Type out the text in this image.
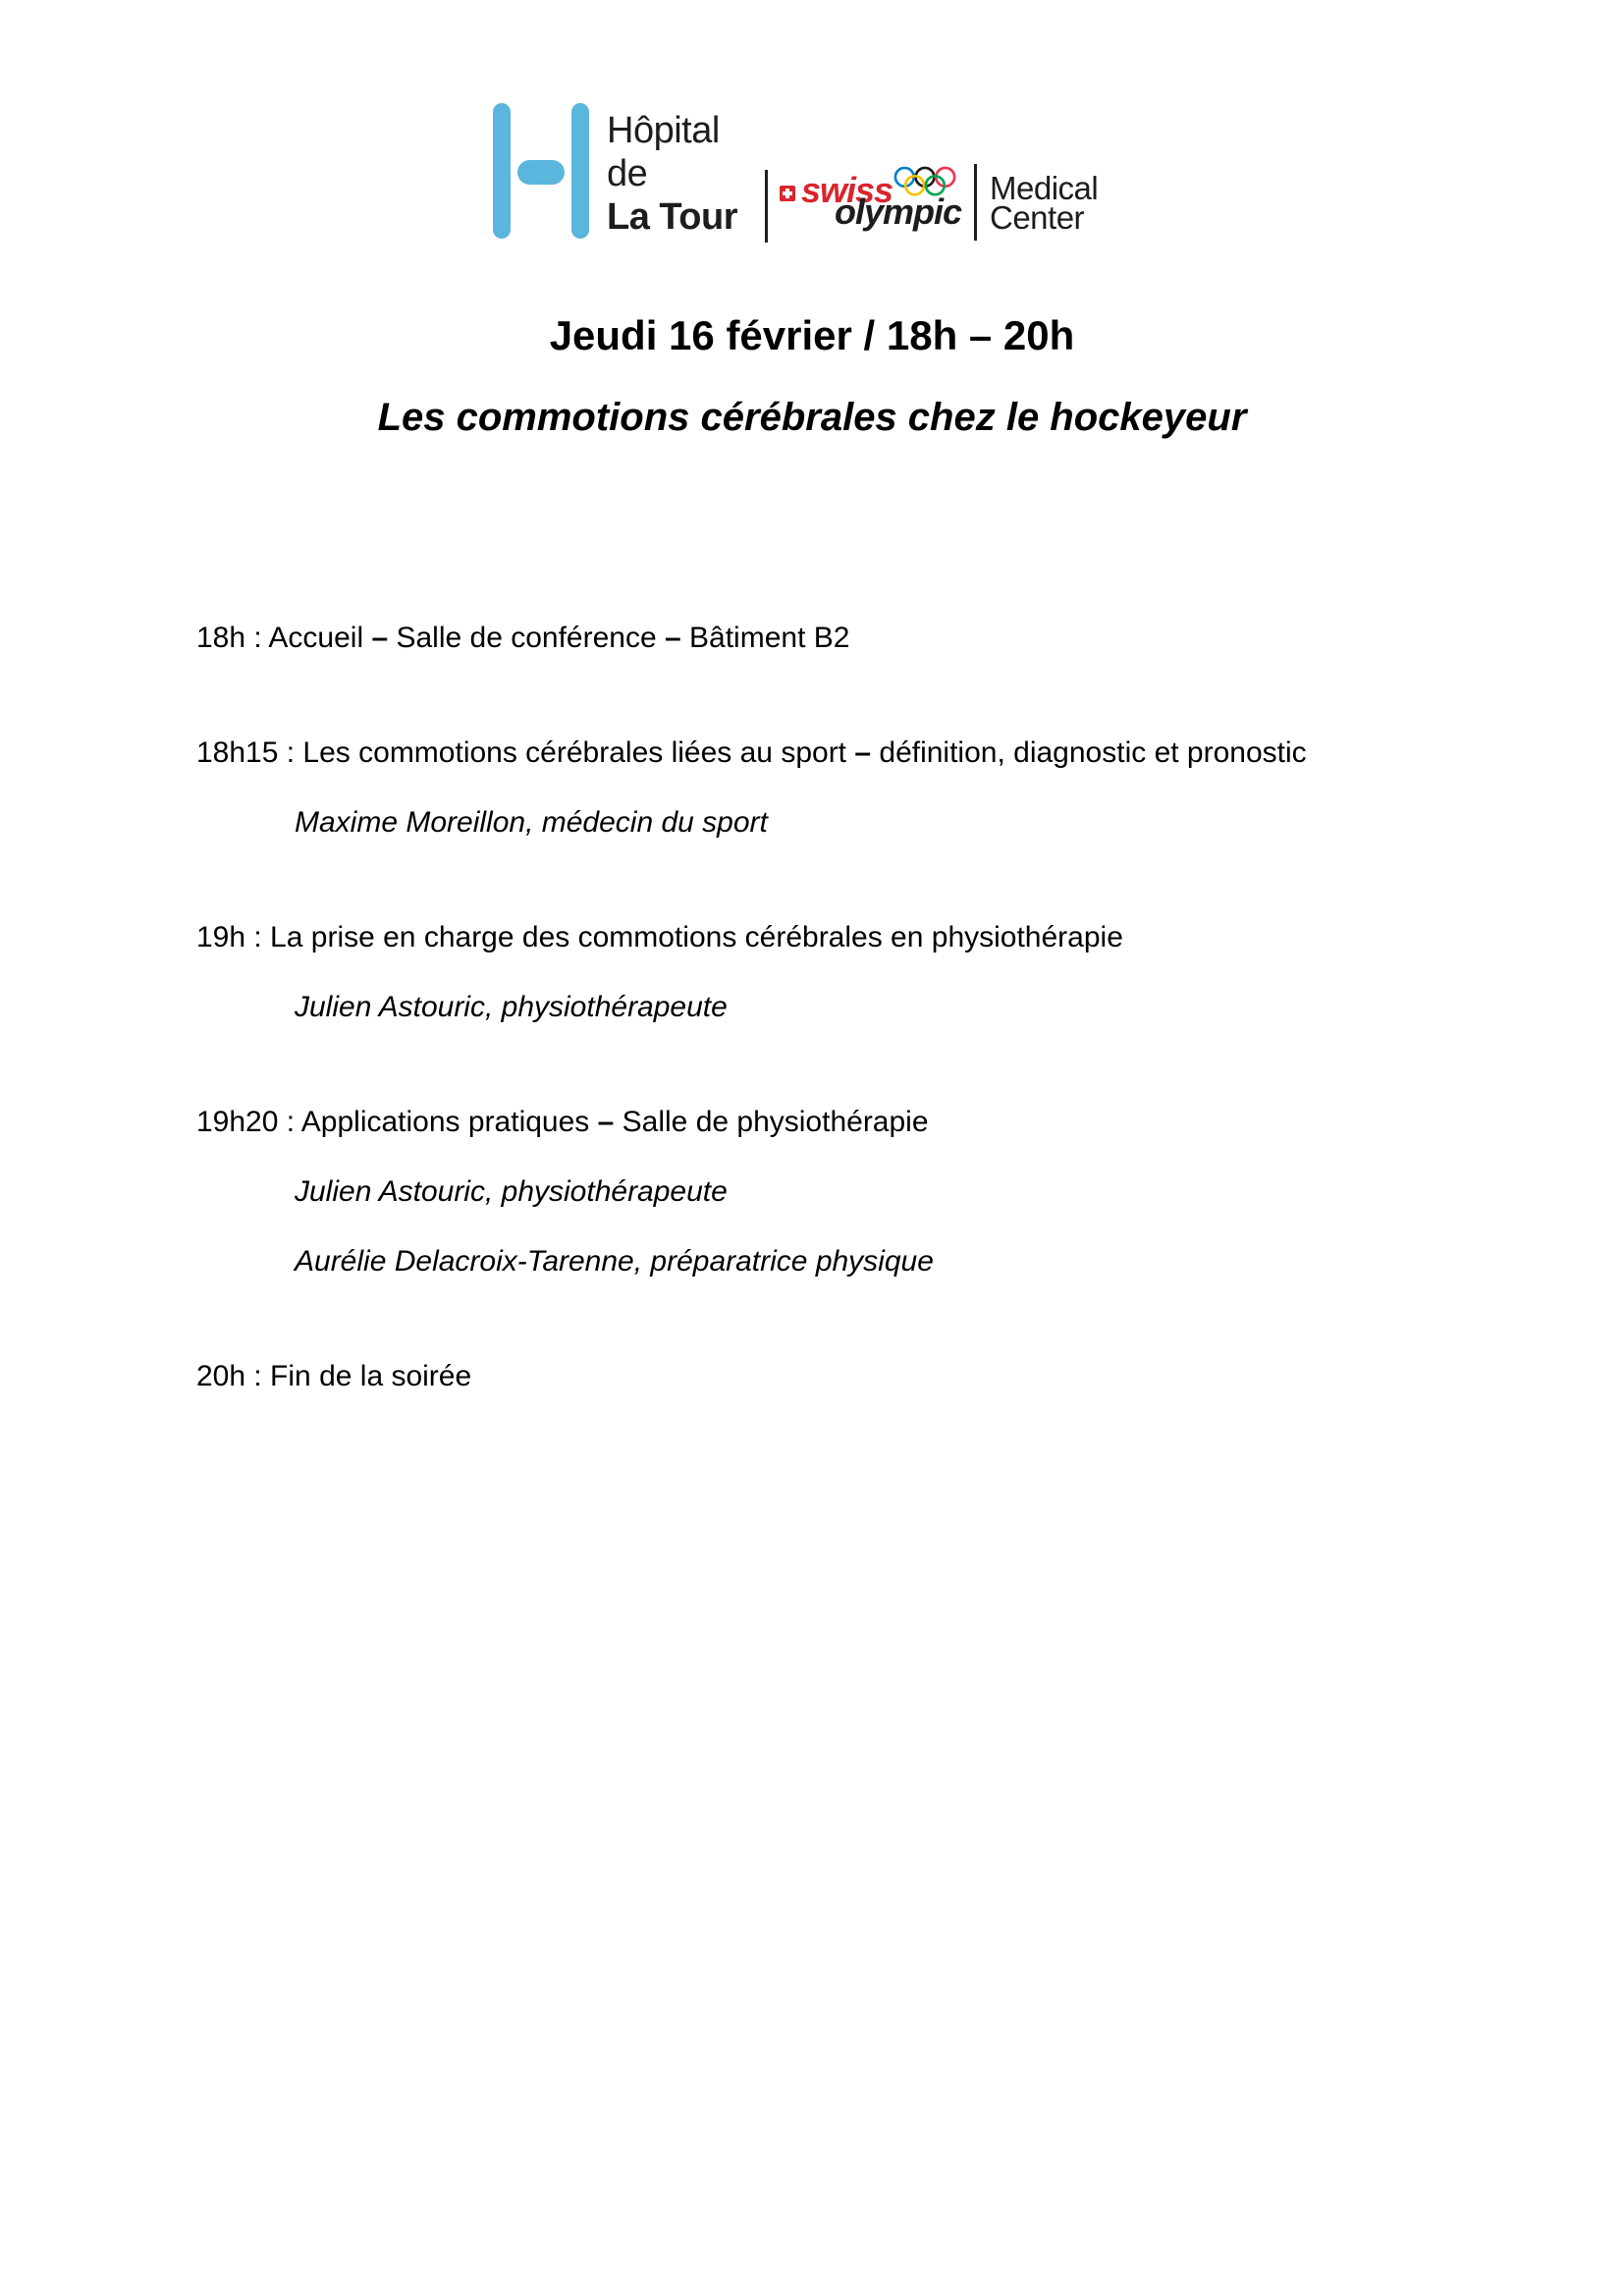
Hôpital
de
La Tour
swiss
olympic
Medical
Center
Jeudi 16 février / 18h – 20h
Les commotions cérébrales chez le hockeyeur
18h : Accueil – Salle de conférence – Bâtiment B2
18h15 : Les commotions cérébrales liées au sport – définition, diagnostic et pronostic
Maxime Moreillon, médecin du sport
19h : La prise en charge des commotions cérébrales en physiothérapie
Julien Astouric, physiothérapeute
19h20 : Applications pratiques – Salle de physiothérapie
Julien Astouric, physiothérapeute
Aurélie Delacroix-Tarenne, préparatrice physique
20h : Fin de la soirée
